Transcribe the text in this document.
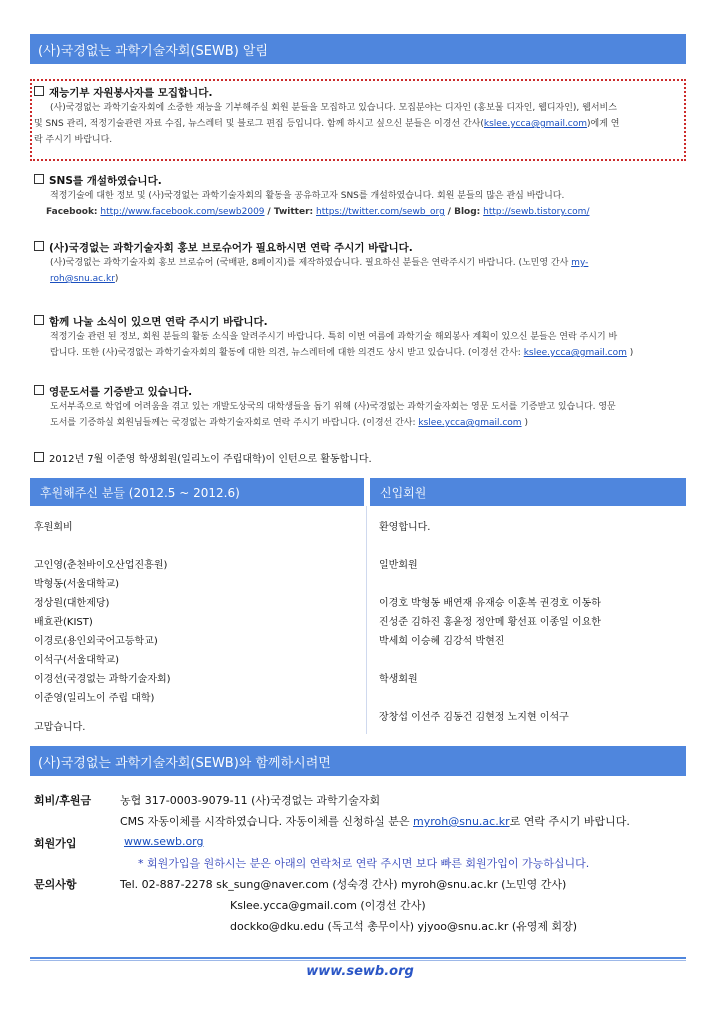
(사)국경없는 과학기술자회(SEWB) 알림
재능기부 자원봉사자를 모집합니다.
(사)국경없는 과학기술자회에 소중한 재능을 기부해주실 회원 분들을 모집하고 있습니다. 모집분야는 디자인 (홍보물 디자인, 웹디자인), 웹서비스
및 SNS 관리, 적정기술관련 자료 수집, 뉴스레터 및 블로그 편집 등입니다. 함께 하시고 싶으신 분들은 이경선 간사(kslee.ycca@gmail.com)에게 연
락 주시기 바랍니다.
SNS를 개설하였습니다.
적정기술에 대한 정보 및 (사)국경없는 과학기술자회의 활동을 공유하고자 SNS를 개설하였습니다. 회원 분들의 많은 관심 바랍니다.
Facebook: http://www.facebook.com/sewb2009 / Twitter: https://twitter.com/sewb_org / Blog: http://sewb.tistory.com/
(사)국경없는 과학기술자회 홍보 브로슈어가 필요하시면 연락 주시기 바랍니다.
(사)국경없는 과학기술자회 홍보 브로슈어 (국배판, 8페이지)를 제작하였습니다. 필요하신 분들은 연락주시기 바랍니다. (노민영 간사 my-
roh@snu.ac.kr)
함께 나눌 소식이 있으면 연락 주시기 바랍니다.
적정기술 관련 된 정보, 회원 분들의 활동 소식을 알려주시기 바랍니다. 특히 이번 여름에 과학기술 해외봉사 계획이 있으신 분들은 연락 주시기 바
랍니다. 또한 (사)국경없는 과학기술자회의 활동에 대한 의견, 뉴스레터에 대한 의견도 상시 받고 있습니다. (이경선 간사: kslee.ycca@gmail.com )
영문도서를 기증받고 있습니다.
도서부족으로 학업에 어려움을 겪고 있는 개발도상국의 대학생들을 돕기 위해 (사)국경없는 과학기술자회는 영문 도서를 기증받고 있습니다. 영문
도서를 기증하실 회원님들께는 국경없는 과학기술자회로 연락 주시기 바랍니다. (이경선 간사: kslee.ycca@gmail.com )
2012년 7월 이준영 학생회원(일리노이 주립대학)이 인턴으로 활동합니다.
후원해주신 분들 (2012.5 ~ 2012.6)	신입회원
후원회비
고인영(춘천바이오산업진흥원)
박형동(서울대학교)
정상원(대한제당)
배효관(KIST)
이경로(용인외국어고등학교)
이석구(서울대학교)
이경선(국경없는 과학기술자회)
이준영(일리노이 주립 대학)
고맙습니다.
환영합니다.
일반회원
이경호 박형동 배연재 유재승 이훈복 권경호 이동하
진성준 김하진 홍윤정 정안메 황선표 이종일 이요한
박세희 이승혜 김강석 박현진
학생회원
장창섭 이선주 김동건 김현정 노지현 이석구
(사)국경없는 과학기술자회(SEWB)와 함께하시려면
회비/후원금	농협 317-0003-9079-11 (사)국경없는 과학기술자회
CMS 자동이체를 시작하였습니다. 자동이체를 신청하실 분은 myroh@snu.ac.kr로 연락 주시기 바랍니다.
회원가입	www.sewb.org
* 회원가입을 원하시는 분은 아래의 연락처로 연락 주시면 보다 빠른 회원가입이 가능하십니다.
문의사항	Tel. 02-887-2278 sk_sung@naver.com (성숙경 간사) myroh@snu.ac.kr (노민영 간사)
Kslee.ycca@gmail.com (이경선 간사)
dockko@dku.edu (독고석 총무이사) yjyoo@snu.ac.kr (유영제 회장)
www.sewb.org
